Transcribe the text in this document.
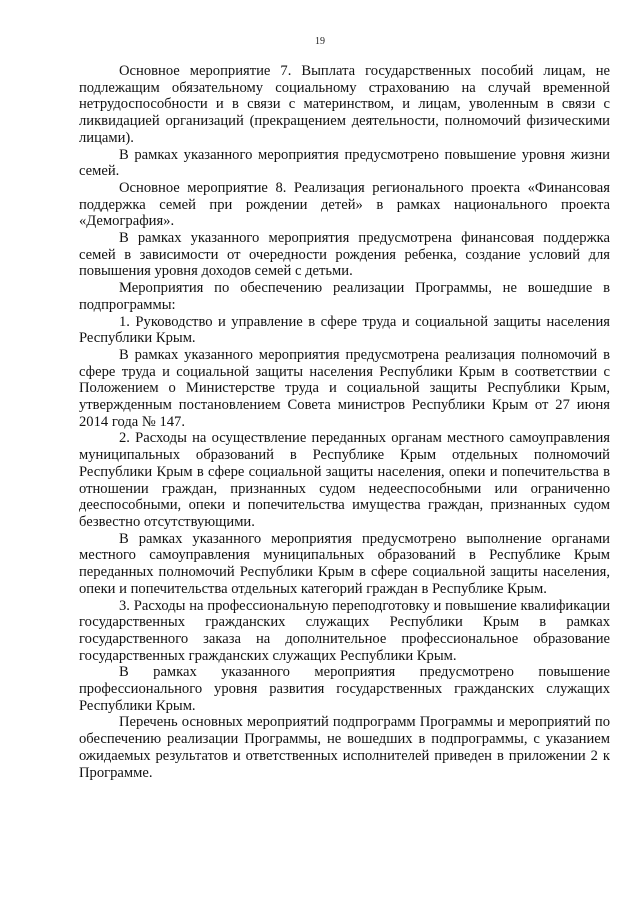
19

Основное мероприятие 7. Выплата государственных пособий лицам, не подлежащим обязательному социальному страхованию на случай временной нетрудоспособности и в связи с материнством, и лицам, уволенным в связи с ликвидацией организаций (прекращением деятельности, полномочий физическими лицами).

В рамках указанного мероприятия предусмотрено повышение уровня жизни семей.

Основное мероприятие 8. Реализация регионального проекта «Финансовая поддержка семей при рождении детей» в рамках национального проекта «Демография».

В рамках указанного мероприятия предусмотрена финансовая поддержка семей в зависимости от очередности рождения ребенка, создание условий для повышения уровня доходов семей с детьми.

Мероприятия по обеспечению реализации Программы, не вошедшие в подпрограммы:

1. Руководство и управление в сфере труда и социальной защиты населения Республики Крым.

В рамках указанного мероприятия предусмотрена реализация полномочий в сфере труда и социальной защиты населения Республики Крым в соответствии с Положением о Министерстве труда и социальной защиты Республики Крым, утвержденным постановлением Совета министров Республики Крым от 27 июня 2014 года № 147.

2. Расходы на осуществление переданных органам местного самоуправления муниципальных образований в Республике Крым отдельных полномочий Республики Крым в сфере социальной защиты населения, опеки и попечительства в отношении граждан, признанных судом недееспособными или ограниченно дееспособными, опеки и попечительства имущества граждан, признанных судом безвестно отсутствующими.

В рамках указанного мероприятия предусмотрено выполнение органами местного самоуправления муниципальных образований в Республике Крым переданных полномочий Республики Крым в сфере социальной защиты населения, опеки и попечительства отдельных категорий граждан в Республике Крым.

3. Расходы на профессиональную переподготовку и повышение квалификации государственных гражданских служащих Республики Крым в рамках государственного заказа на дополнительное профессиональное образование государственных гражданских служащих Республики Крым.

В рамках указанного мероприятия предусмотрено повышение профессионального уровня развития государственных гражданских служащих Республики Крым.

Перечень основных мероприятий подпрограмм Программы и мероприятий по обеспечению реализации Программы, не вошедших в подпрограммы, с указанием ожидаемых результатов и ответственных исполнителей приведен в приложении 2 к Программе.
